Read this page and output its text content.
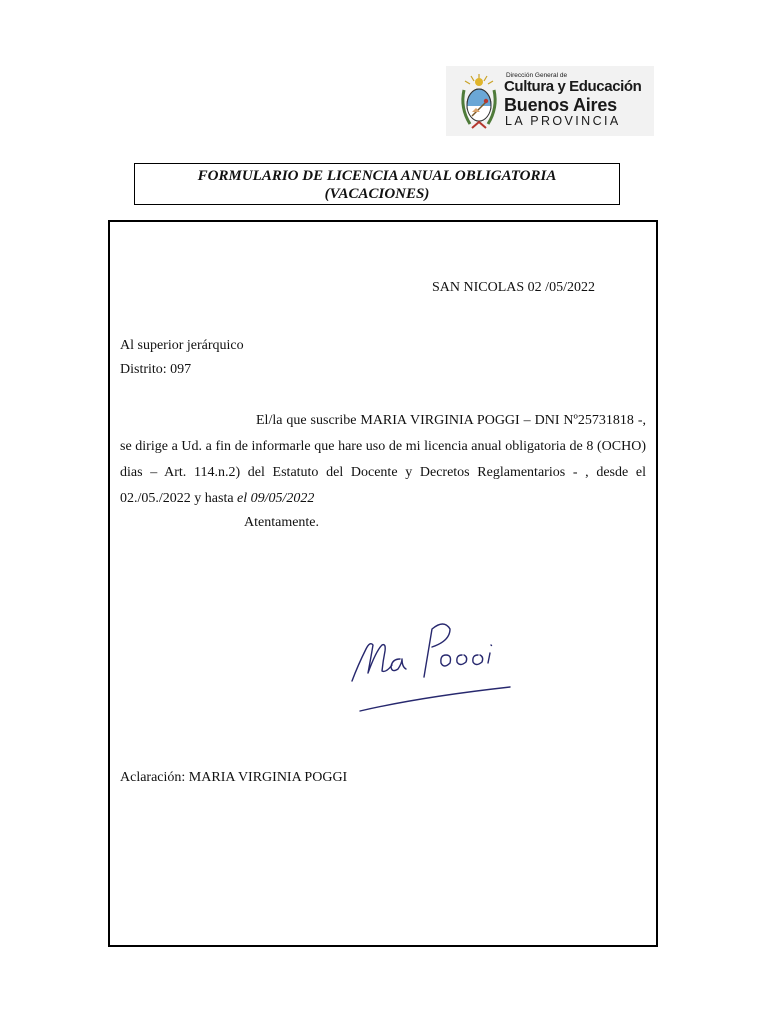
Dirección General de
Cultura y Educación
Buenos Aires
LA PROVINCIA
FORMULARIO DE LICENCIA ANUAL OBLIGATORIA
(VACACIONES)
SAN NICOLAS 02 /05/2022
Al superior jerárquico
Distrito: 097
El/la que suscribe MARIA VIRGINIA POGGI – DNI Nº25731818 -, se dirige a Ud. a fin de informarle que hare uso de mi licencia anual obligatoria de 8 (OCHO) dias – Art. 114.n.2) del Estatuto del Docente y Decretos Reglamentarios - , desde el 02./05./2022 y hasta el 09/05/2022
Atentamente.
Aclaración: MARIA VIRGINIA POGGI
